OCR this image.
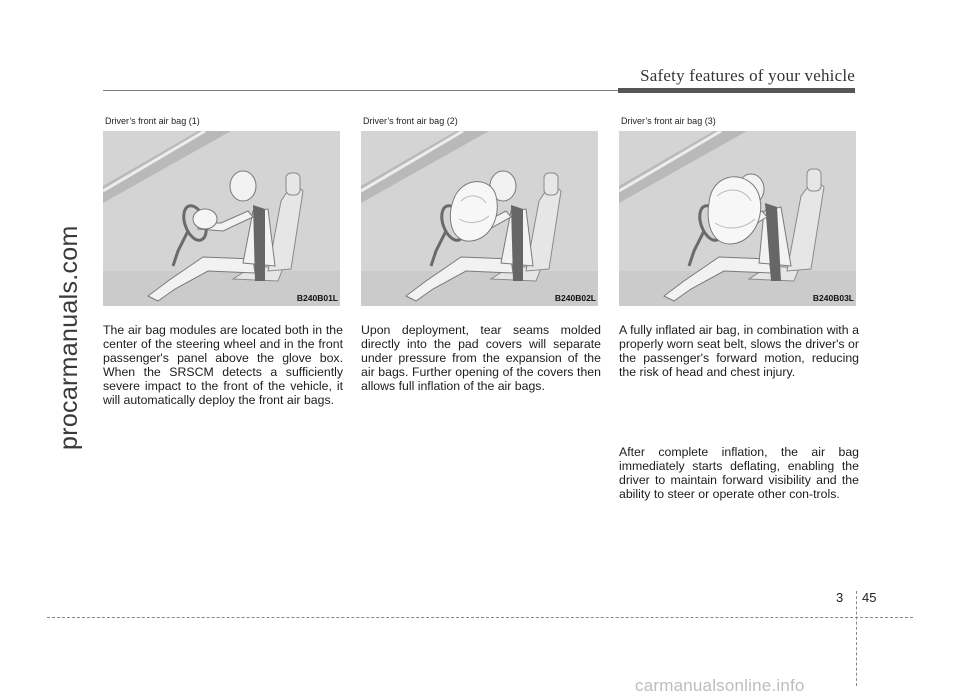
Safety features of your vehicle
procarmanuals.com
Driver’s front air bag (1)	Driver’s front air bag (2)	Driver’s front air bag (3)
B240B01L	B240B02L	B240B03L

The air bag modules are located both in the center of the steering wheel and in the front passenger's panel above the glove box. When the SRSCM detects a sufficiently severe impact to the front of the vehicle, it will automatically deploy the front air bags.

Upon deployment, tear seams molded directly into the pad covers will separate under pressure from the expansion of the air bags. Further opening of the covers then allows full inflation of the air bags.

A fully inflated air bag, in combination with a properly worn seat belt, slows the driver's or the passenger's forward motion, reducing the risk of head and chest injury.

After complete inflation, the air bag immediately starts deflating, enabling the driver to maintain forward visibility and the ability to steer or operate other con-trols.

3 45
carmanualsonline.info
